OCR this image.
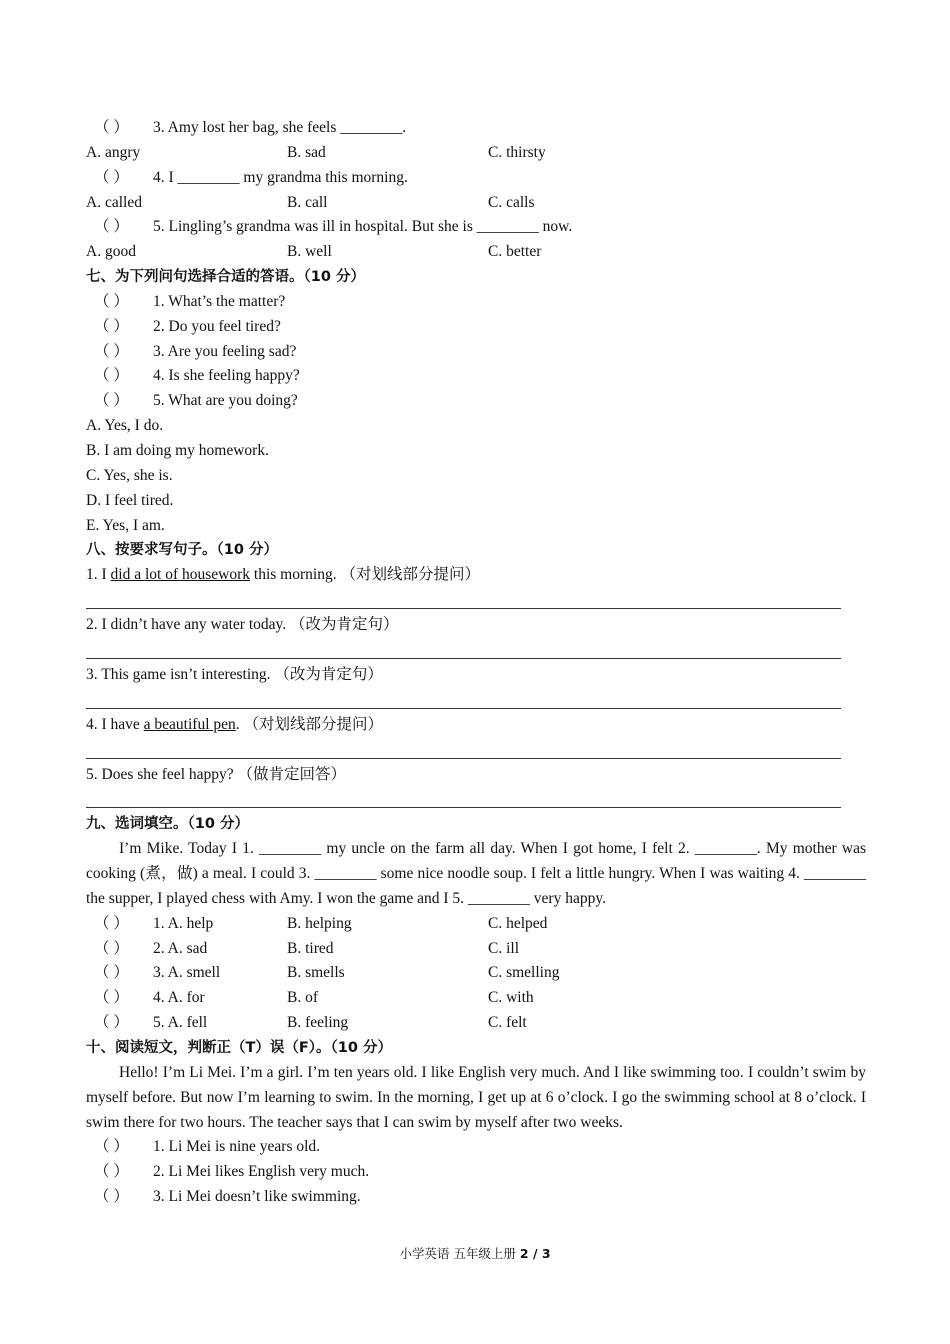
（ ） 3. Amy lost her bag, she feels ________.
A. angry	B. sad	C. thirsty
（ ） 4. I ________ my grandma this morning.
A. called	B. call	C. calls
（ ） 5. Lingling’s grandma was ill in hospital. But she is ________ now.
A. good	B. well	C. better
七、为下列问句选择合适的答语。（10 分）
（ ） 1. What’s the matter?
（ ） 2. Do you feel tired?
（ ） 3. Are you feeling sad?
（ ） 4. Is she feeling happy?
（ ） 5. What are you doing?
A. Yes, I do.
B. I am doing my homework.
C. Yes, she is.
D. I feel tired.
E. Yes, I am.
八、按要求写句子。（10 分）
1. I did a lot of housework this morning. （对划线部分提问）
2. I didn’t have any water today. （改为肯定句）
3. This game isn’t interesting. （改为肯定句）
4. I have a beautiful pen. （对划线部分提问）
5. Does she feel happy? （做肯定回答）
九、选词填空。（10 分）
I’m Mike. Today I 1. ________ my uncle on the farm all day. When I got home, I felt 2. ________. My mother was cooking (煮，做) a meal. I could 3. ________ some nice noodle soup. I felt a little hungry. When I was waiting 4. ________ the supper, I played chess with Amy. I won the game and I 5. ________ very happy.
（ ） 1. A. help	B. helping	C. helped
（ ） 2. A. sad	B. tired	C. ill
（ ） 3. A. smell	B. smells	C. smelling
（ ） 4. A. for	B. of	C. with
（ ） 5. A. fell	B. feeling	C. felt
十、阅读短文，判断正（T）误（F）。（10 分）
Hello! I’m Li Mei. I’m a girl. I’m ten years old. I like English very much. And I like swimming too. I couldn’t swim by myself before. But now I’m learning to swim. In the morning, I get up at 6 o’clock. I go the swimming school at 8 o’clock. I swim there for two hours. The teacher says that I can swim by myself after two weeks.
（ ） 1. Li Mei is nine years old.
（ ） 2. Li Mei likes English very much.
（ ） 3. Li Mei doesn’t like swimming.
小学英语 五年级上册 2 / 3
